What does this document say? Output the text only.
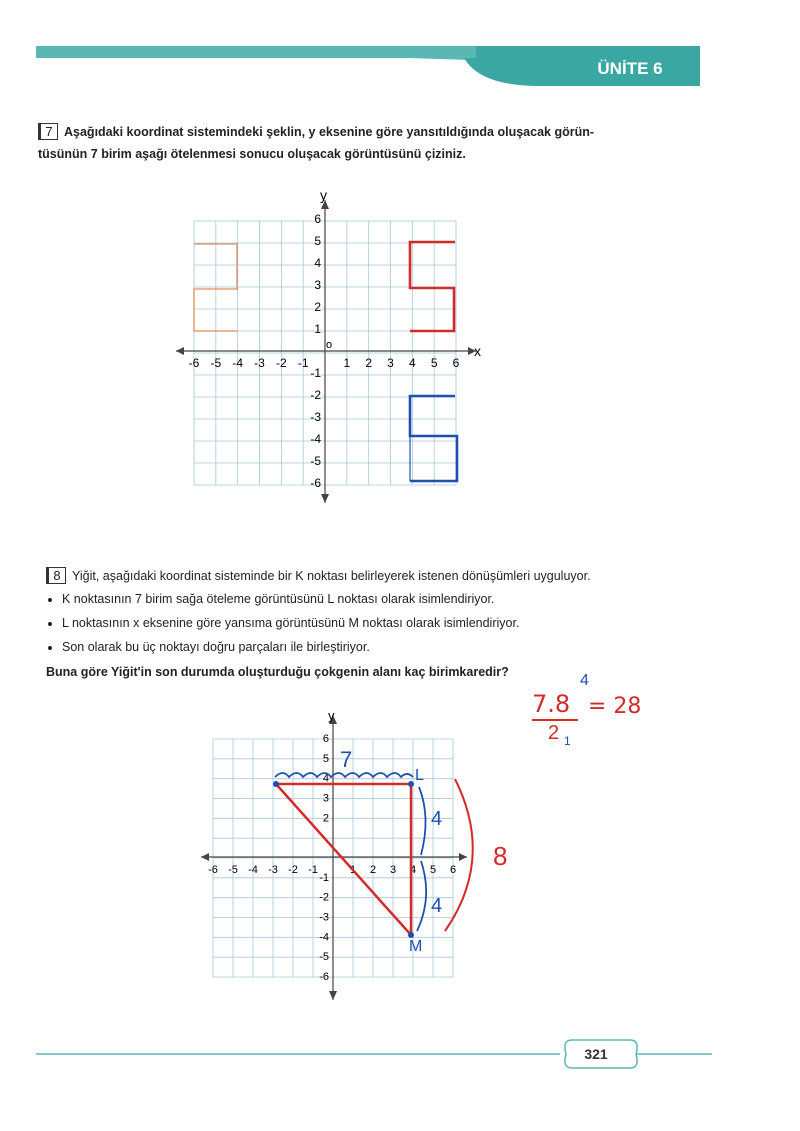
ÜNİTE 6
7 Aşağıdaki koordinat sistemindeki şeklin, y eksenine göre yansıtıldığında oluşacak görün-
tüsünün 7 birim aşağı ötelenmesi sonucu oluşacak görüntüsünü çiziniz.
x
y
o
-6 -5 -4 -3 -2 -1	1 2 3 4 5 6
6
5
4
3
2
1
-1
-2
-3
-4
-5
-6
8 Yiğit, aşağıdaki koordinat sisteminde bir K noktası belirleyerek istenen dönüşümleri uyguluyor.
• K noktasının 7 birim sağa öteleme görüntüsünü L noktası olarak isimlendiriyor.
• L noktasının x eksenine göre yansıma görüntüsünü M noktası olarak isimlendiriyor.
• Son olarak bu üç noktayı doğru parçaları ile birleştiriyor.
Buna göre Yiğit'in son durumda oluşturduğu çokgenin alanı kaç birimkaredir?
y
-6 -5 -4 -3 -2 -1	1 2 3 4 5 6
6
5
4
3
2
-1
-2
-3
-4
-5
-6
7
L
M
4
4
8
4
7.8 = 28
2 1
321
